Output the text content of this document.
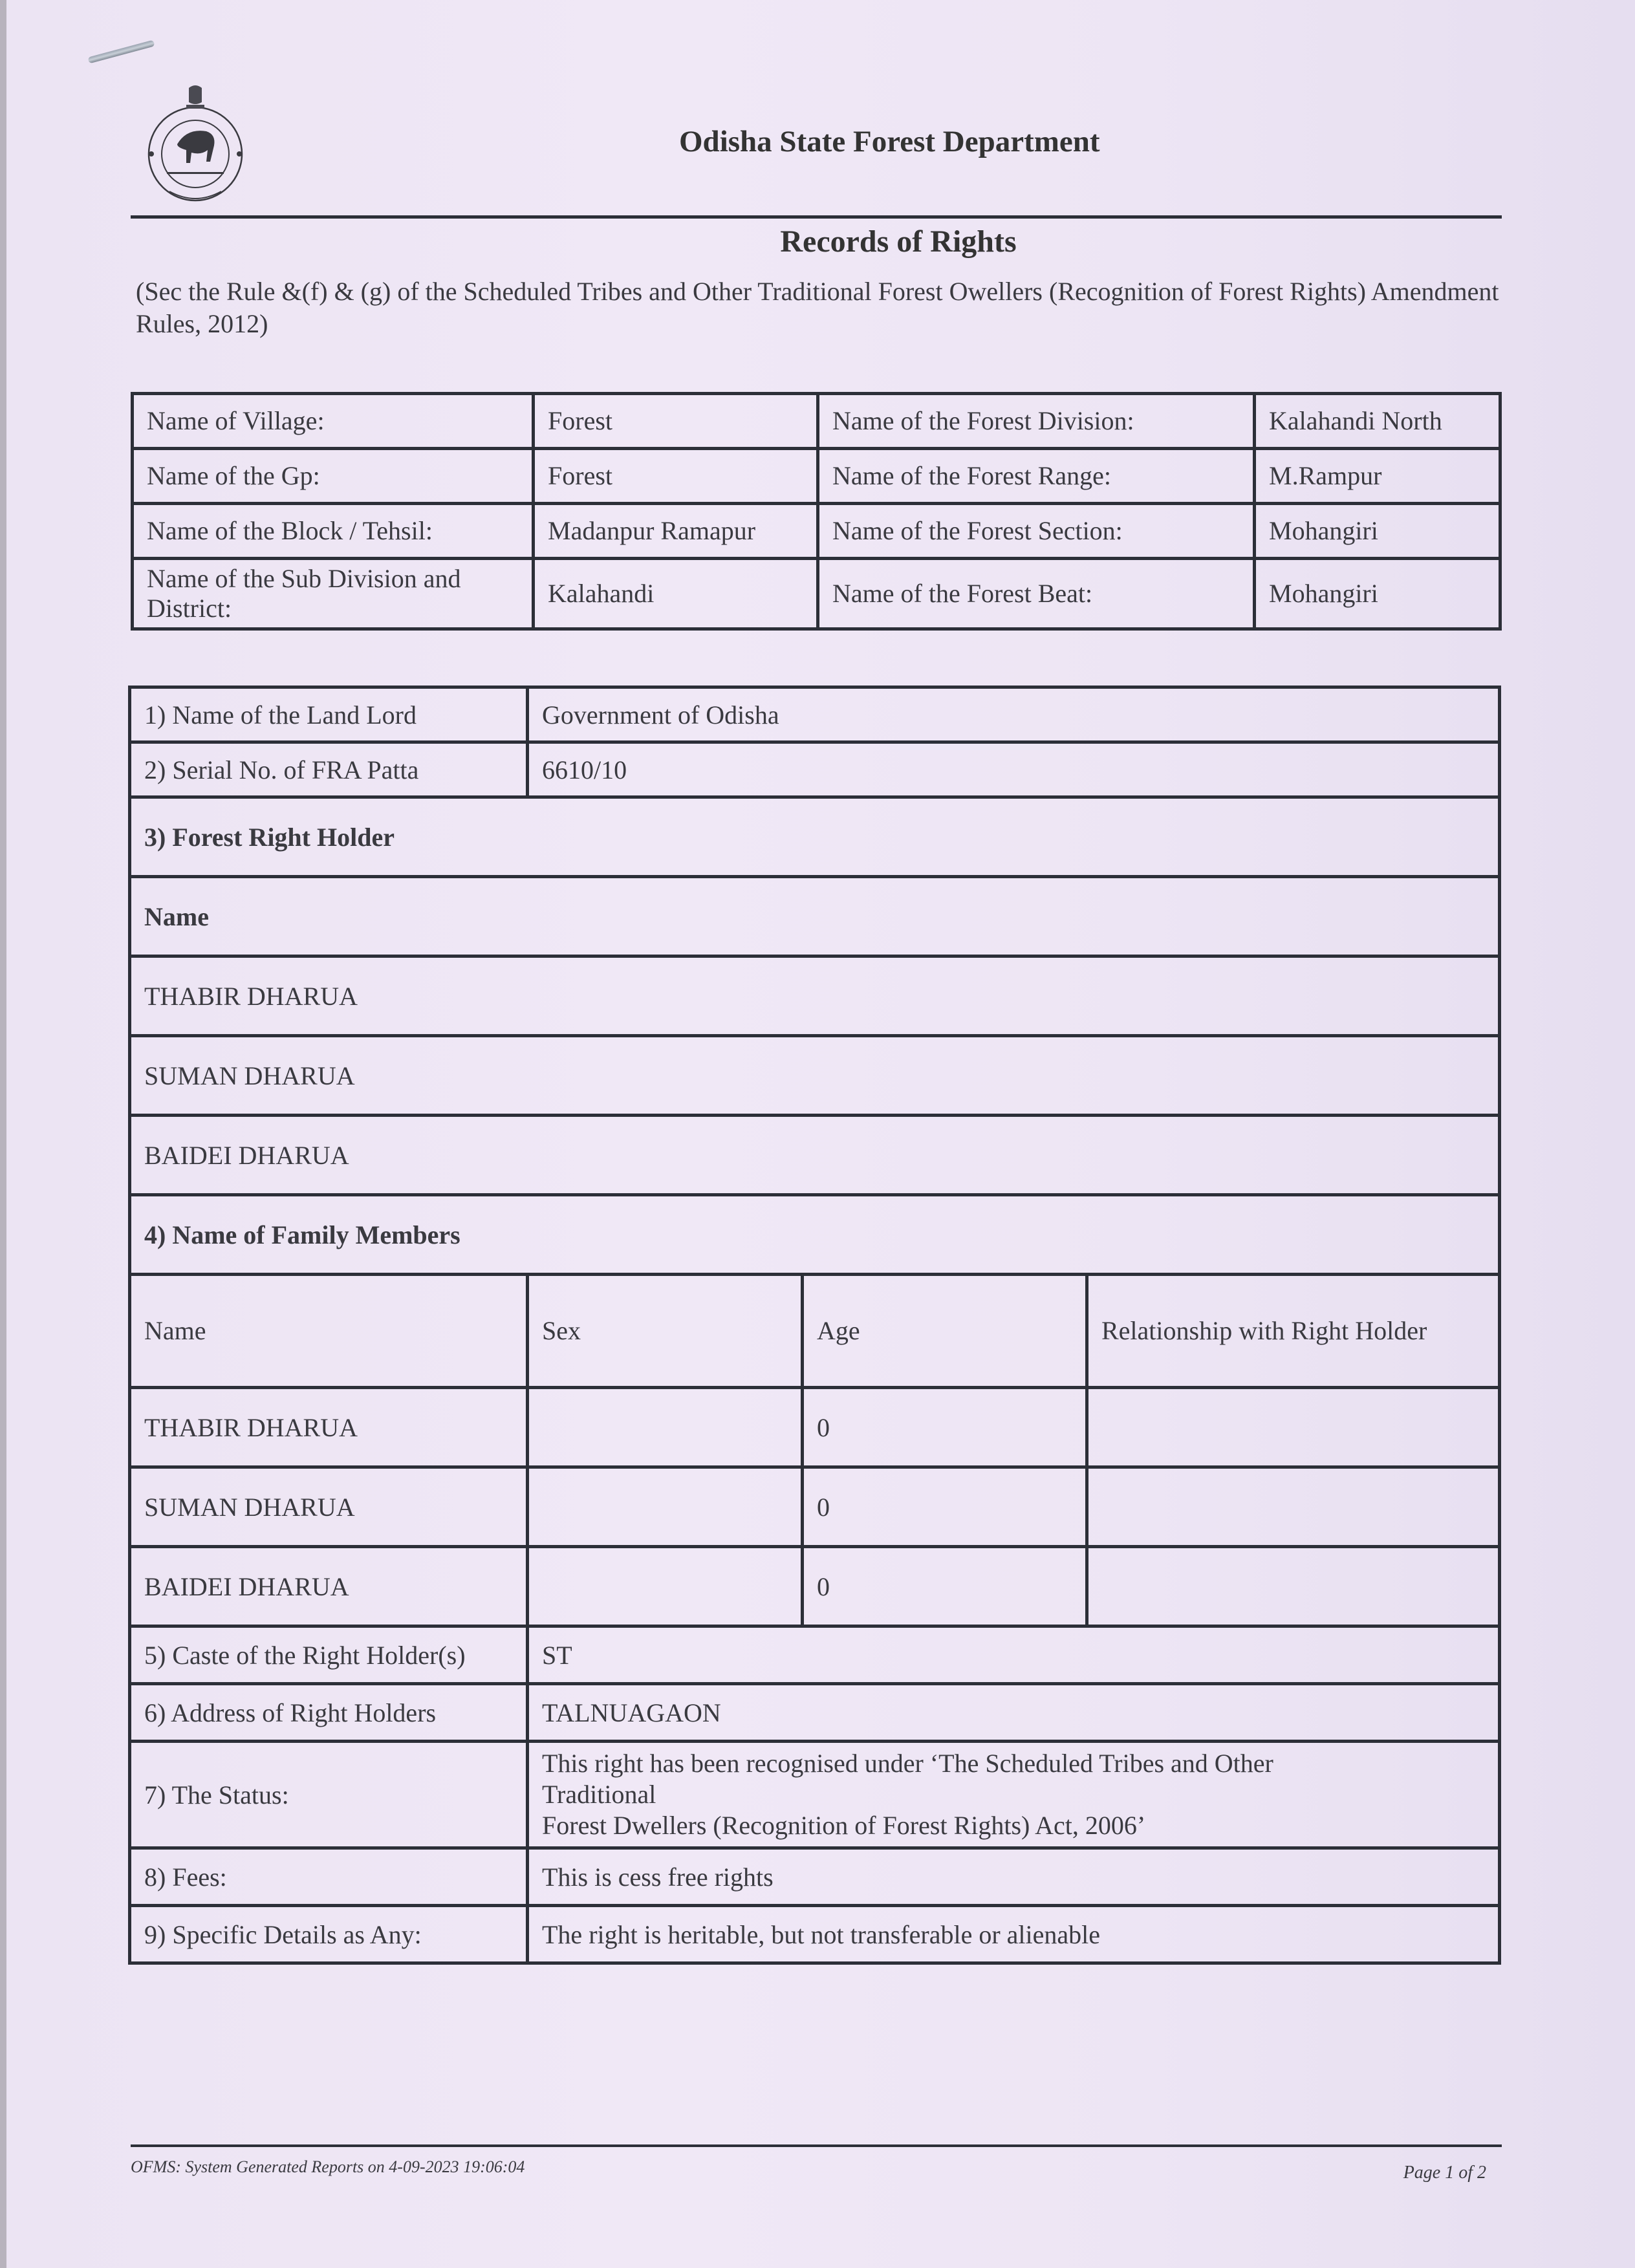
Odisha State Forest Department
Records of Rights
(Sec the Rule &(f) & (g) of the Scheduled Tribes and Other Traditional Forest Owellers (Recognition of Forest Rights) Amendment Rules, 2012)
Name of Village:	Forest	Name of the Forest Division:	Kalahandi North
Name of the Gp:	Forest	Name of the Forest Range:	M.Rampur
Name of the Block / Tehsil:	Madanpur Ramapur	Name of the Forest Section:	Mohangiri
Name of the Sub Division and District:	Kalahandi	Name of the Forest Beat:	Mohangiri
1) Name of the Land Lord	Government of Odisha		
2) Serial No. of FRA Patta	6610/10		
3) Forest Right Holder			
Name			
THABIR DHARUA			
SUMAN DHARUA			
BAIDEI DHARUA			
4) Name of Family Members			
Name	Sex	Age	Relationship with Right Holder
THABIR DHARUA		0	
SUMAN DHARUA		0	
BAIDEI DHARUA		0	
5) Caste of the Right Holder(s)	ST		
6) Address of Right Holders	TALNUAGAON		
7) The Status:	This right has been recognised under ‘The Scheduled Tribes and Other
Traditional
Forest Dwellers (Recognition of Forest Rights) Act, 2006’		

8) Fees:	This is cess free rights		
9) Specific Details as Any:	The right is heritable, but not transferable or alienable		
OFMS: System Generated Reports on 4-09-2023 19:06:04	Page 1 of 2
